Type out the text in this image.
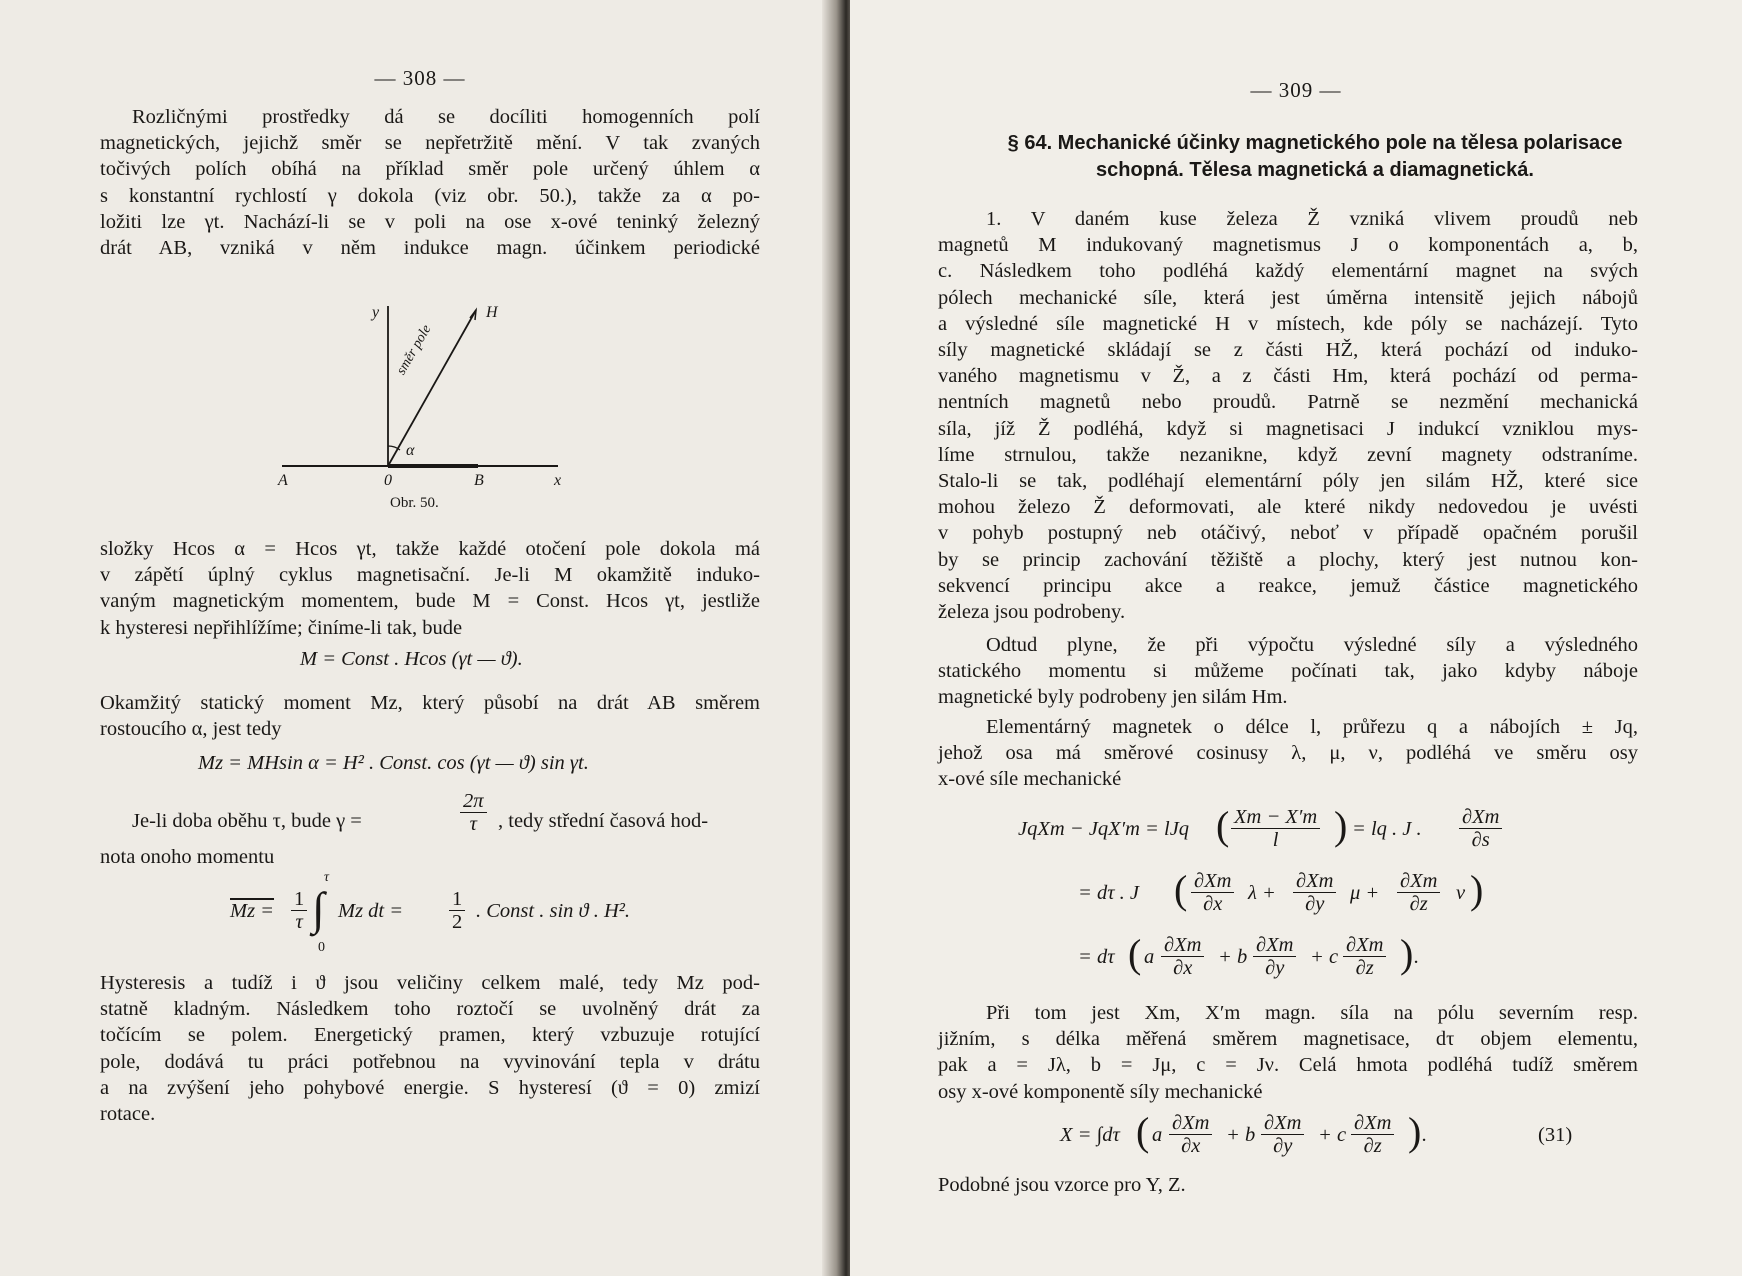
— 308 —
Rozličnými prostředky dá se docíliti homogenních polí
magnetických, jejichž směr se nepřetržitě mění. V tak zvaných
točivých polích obíhá na příklad směr pole určený úhlem α
s konstantní rychlostí γ dokola (viz obr. 50.), takže za α po-
ložiti lze γt. Nachází-li se v poli na ose x-ové teninký železný
drát AB, vzniká v něm indukce magn. účinkem periodické
y	H
směr pole
α
A	0	B	x
Obr. 50.
složky Hcos α = Hcos γt, takže každé otočení pole dokola má
v zápětí úplný cyklus magnetisační. Je-li M okamžitě induko-
vaným magnetickým momentem, bude M = Const. Hcos γt, jestliže
k hysteresi nepřihlížíme; činíme-li tak, bude
M = Const . Hcos (γt — ϑ).
Okamžitý statický moment Mz, který působí na drát AB směrem
rostoucího α, jest tedy
Mz = MHsin α = H² . Const. cos (γt — ϑ) sin γt.
Je-li doba oběhu τ, bude γ =	$\frac{2\pi}{\tau}$ , tedy střední časová hod-
nota onoho momentu
$Mz = \frac{1}{\tau}$
τ
∫
0
Mz dt = $\frac{1}{2}$ . Const . sin ϑ . H².
Hysteresis a tudíž i ϑ jsou veličiny celkem malé, tedy Mz pod-
statně kladným. Následkem toho roztočí se uvolněný drát za
točícím se polem. Energetický pramen, který vzbuzuje rotující
pole, dodává tu práci potřebnou na vyvinování tepla v drátu
a na zvýšení jeho pohybové energie. S hysteresí (ϑ = 0) zmizí
rotace.
— 309 —
§ 64. Mechanické účinky magnetického pole na tělesa polarisace
schopná. Tělesa magnetická a diamagnetická.
1. V daném kuse železa Ž vzniká vlivem proudů neb
magnetů M indukovaný magnetismus J o komponentách a, b,
c. Následkem toho podléhá každý elementární magnet na svých
pólech mechanické síle, která jest úměrna intensitě jejich nábojů
a výsledné síle magnetické H v místech, kde póly se nacházejí. Tyto
síly magnetické skládají se z části HŽ, která pochází od induko-
vaného magnetismu v Ž, a z části Hm, která pochází od perma-
nentních magnetů nebo proudů. Patrně se nezmění mechanická
síla, jíž Ž podléhá, když si magnetisaci J indukcí vzniklou mys-
líme strnulou, takže nezanikne, když zevní magnety odstraníme.
Stalo-li se tak, podléhají elementární póly jen silám HŽ, které sice
mohou železo Ž deformovati, ale které nikdy nedovedou je uvésti
v pohyb postupný neb otáčivý, neboť v případě opačném porušil
by se princip zachování těžiště a plochy, který jest nutnou kon-
sekvencí principu akce a reakce, jemuž částice magnetického
železa jsou podrobeny.
Odtud plyne, že při výpočtu výsledné síly a výsledného
statického momentu si můžeme počínati tak, jako kdyby náboje
magnetické byly podrobeny jen silám Hm.
Elementárný magnetek o délce l, průřezu q a nábojích ± Jq,
jehož osa má směrové cosinusy λ, μ, ν, podléhá ve směru osy
x-ové síle mechanické
JqXm − JqX′m = lJq ( $\frac{Xm - X'm}{l}$ ) = lq . J . $\frac{\partial Xm}{\partial s}$
= dτ . J ( $\frac{\partial Xm}{\partial x}$ $\lambda + \frac{\partial Xm}{\partial y}$ $\mu + \frac{\partial Xm}{\partial z}$ ν )
= dτ ( a $\frac{\partial Xm}{\partial x} + b \frac{\partial Xm}{\partial y} + c \frac{\partial Xm}{\partial z}$ ) .
Při tom jest Xm, X′m magn. síla na pólu severním resp.
jižním, s délka měřená směrem magnetisace, dτ objem elementu,
pak a = Jλ, b = Jμ, c = Jν. Celá hmota podléhá tudíž směrem
osy x-ové komponentě síly mechanické
X = ∫dτ ( a $\frac{\partial Xm}{\partial x} + b \frac{\partial Xm}{\partial y} + c \frac{\partial Xm}{\partial z}$ ) .	(31)
Podobné jsou vzorce pro Y, Z.
